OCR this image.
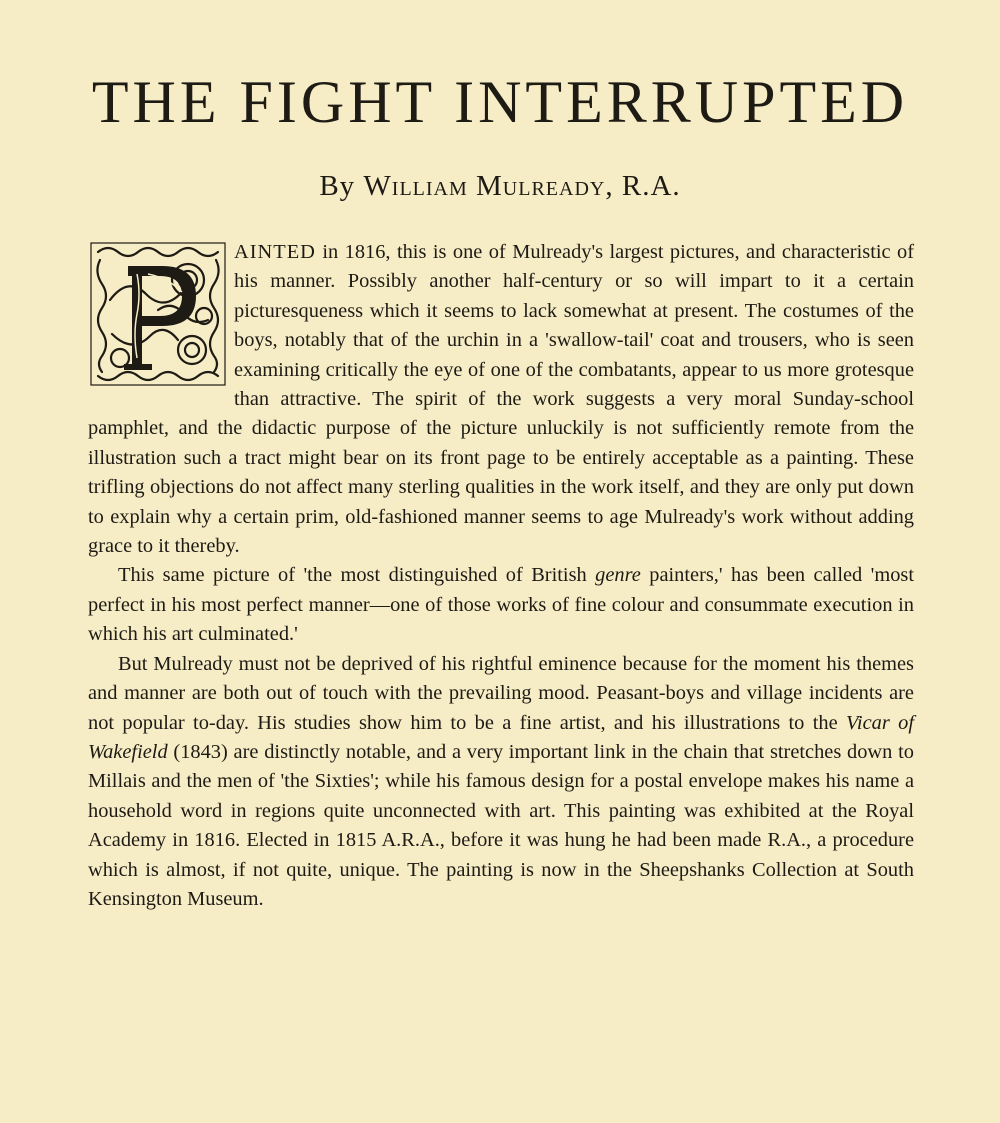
THE FIGHT INTERRUPTED

By William Mulready, R.A.

AINTED in 1816, this is one of Mulready's largest pictures, and characteristic of his manner. Possibly another half-century or so will impart to it a certain picturesqueness which it seems to lack somewhat at present. The costumes of the boys, notably that of the urchin in a 'swallow-tail' coat and trousers, who is seen examining critically the eye of one of the combatants, appear to us more grotesque than attractive. The spirit of the work suggests a very moral Sunday-school pamphlet, and the didactic purpose of the picture unluckily is not sufficiently remote from the illustration such a tract might bear on its front page to be entirely acceptable as a painting. These trifling objections do not affect many sterling qualities in the work itself, and they are only put down to explain why a certain prim, old-fashioned manner seems to age Mulready's work without adding grace to it thereby.

This same picture of 'the most distinguished of British genre painters,' has been called 'most perfect in his most perfect manner—one of those works of fine colour and consummate execution in which his art culminated.'

But Mulready must not be deprived of his rightful eminence because for the moment his themes and manner are both out of touch with the prevailing mood. Peasant-boys and village incidents are not popular to-day. His studies show him to be a fine artist, and his illustrations to the Vicar of Wakefield (1843) are distinctly notable, and a very important link in the chain that stretches down to Millais and the men of 'the Sixties'; while his famous design for a postal envelope makes his name a household word in regions quite unconnected with art. This painting was exhibited at the Royal Academy in 1816. Elected in 1815 A.R.A., before it was hung he had been made R.A., a procedure which is almost, if not quite, unique. The painting is now in the Sheepshanks Collection at South Kensington Museum.
